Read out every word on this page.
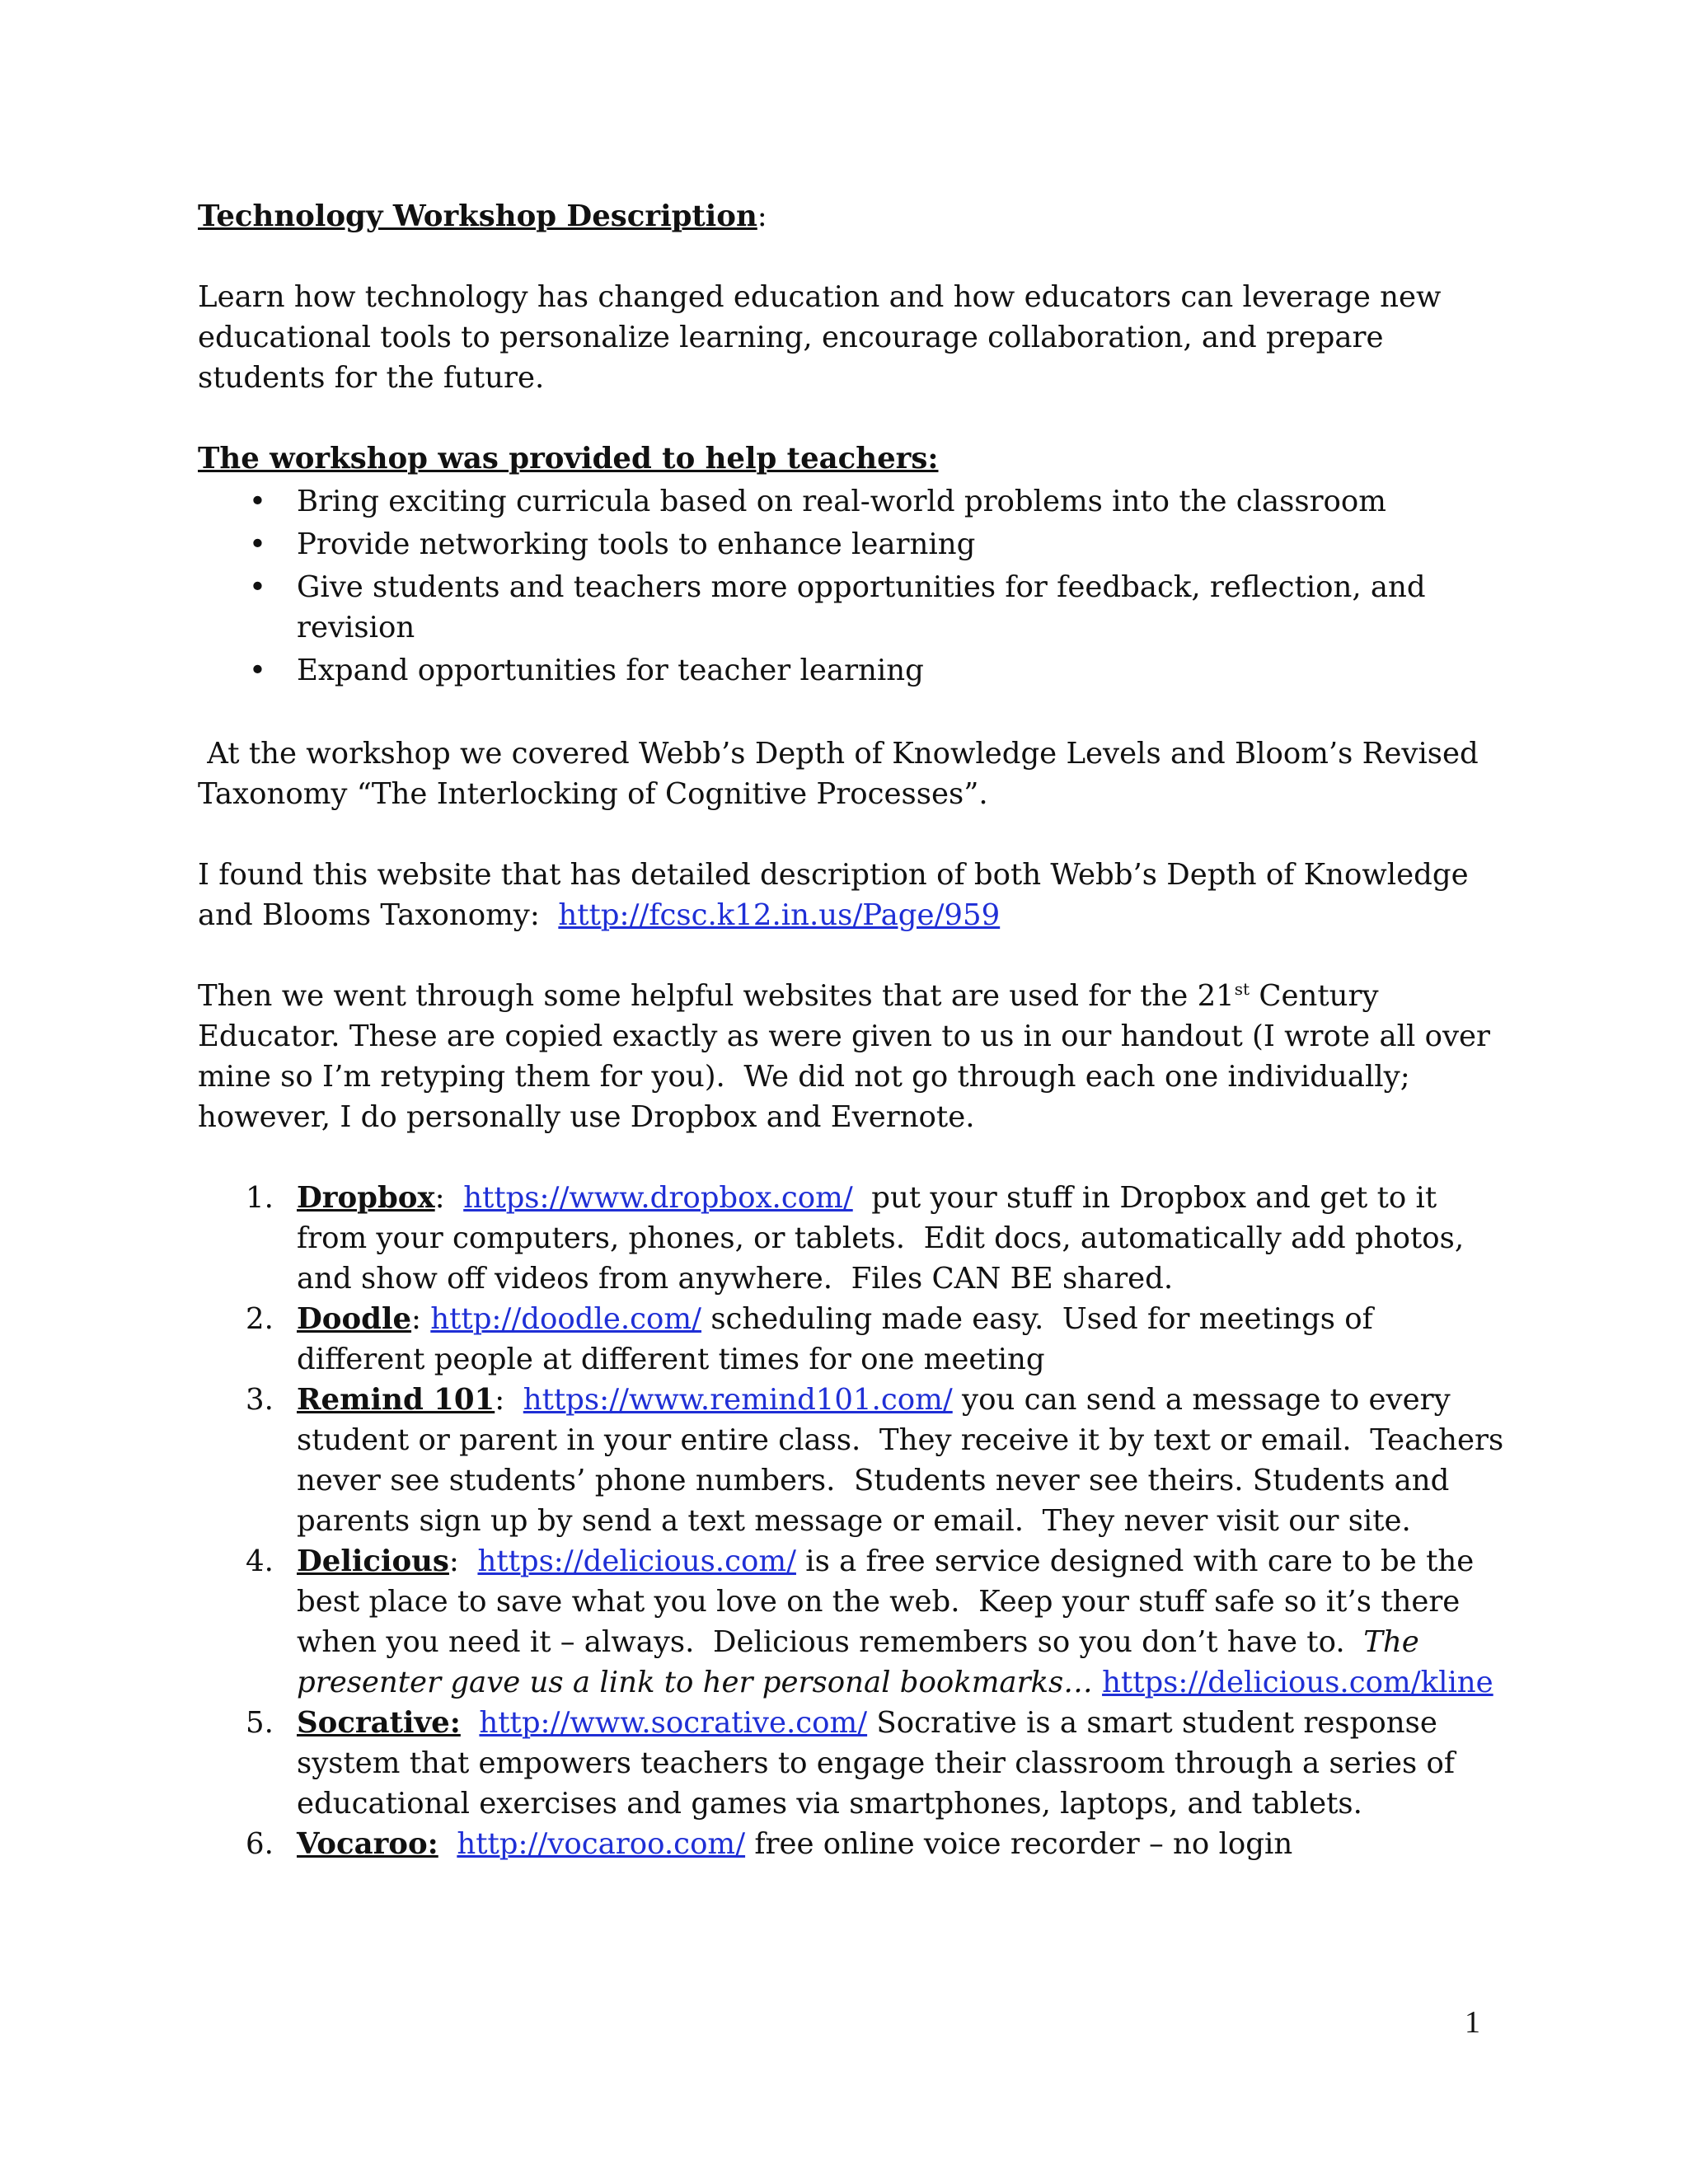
Technology Workshop Description:

Learn how technology has changed education and how educators can leverage new educational tools to personalize learning, encourage collaboration, and prepare students for the future.

The workshop was provided to help teachers:

• Bring exciting curricula based on real-world problems into the classroom
• Provide networking tools to enhance learning
• Give students and teachers more opportunities for feedback, reflection, and revision
• Expand opportunities for teacher learning

At the workshop we covered Webb’s Depth of Knowledge Levels and Bloom’s Revised Taxonomy “The Interlocking of Cognitive Processes”.

I found this website that has detailed description of both Webb’s Depth of Knowledge and Blooms Taxonomy:  http://fcsc.k12.in.us/Page/959

Then we went through some helpful websites that are used for the 21st Century Educator. These are copied exactly as were given to us in our handout (I wrote all over mine so I’m retyping them for you).  We did not go through each one individually; however, I do personally use Dropbox and Evernote.

1. Dropbox:  https://www.dropbox.com/  put your stuff in Dropbox and get to it from your computers, phones, or tablets.  Edit docs, automatically add photos, and show off videos from anywhere.  Files CAN BE shared.
2. Doodle: http://doodle.com/ scheduling made easy.  Used for meetings of different people at different times for one meeting
3. Remind 101:  https://www.remind101.com/ you can send a message to every student or parent in your entire class.  They receive it by text or email.  Teachers never see students’ phone numbers.  Students never see theirs. Students and parents sign up by send a text message or email.  They never visit our site.
4. Delicious:  https://delicious.com/ is a free service designed with care to be the best place to save what you love on the web.  Keep your stuff safe so it’s there when you need it – always.  Delicious remembers so you don’t have to.  The presenter gave us a link to her personal bookmarks… https://delicious.com/kline
5. Socrative: http://www.socrative.com/ Socrative is a smart student response system that empowers teachers to engage their classroom through a series of educational exercises and games via smartphones, laptops, and tablets.
6. Vocaroo: http://vocaroo.com/ free online voice recorder – no login
1
